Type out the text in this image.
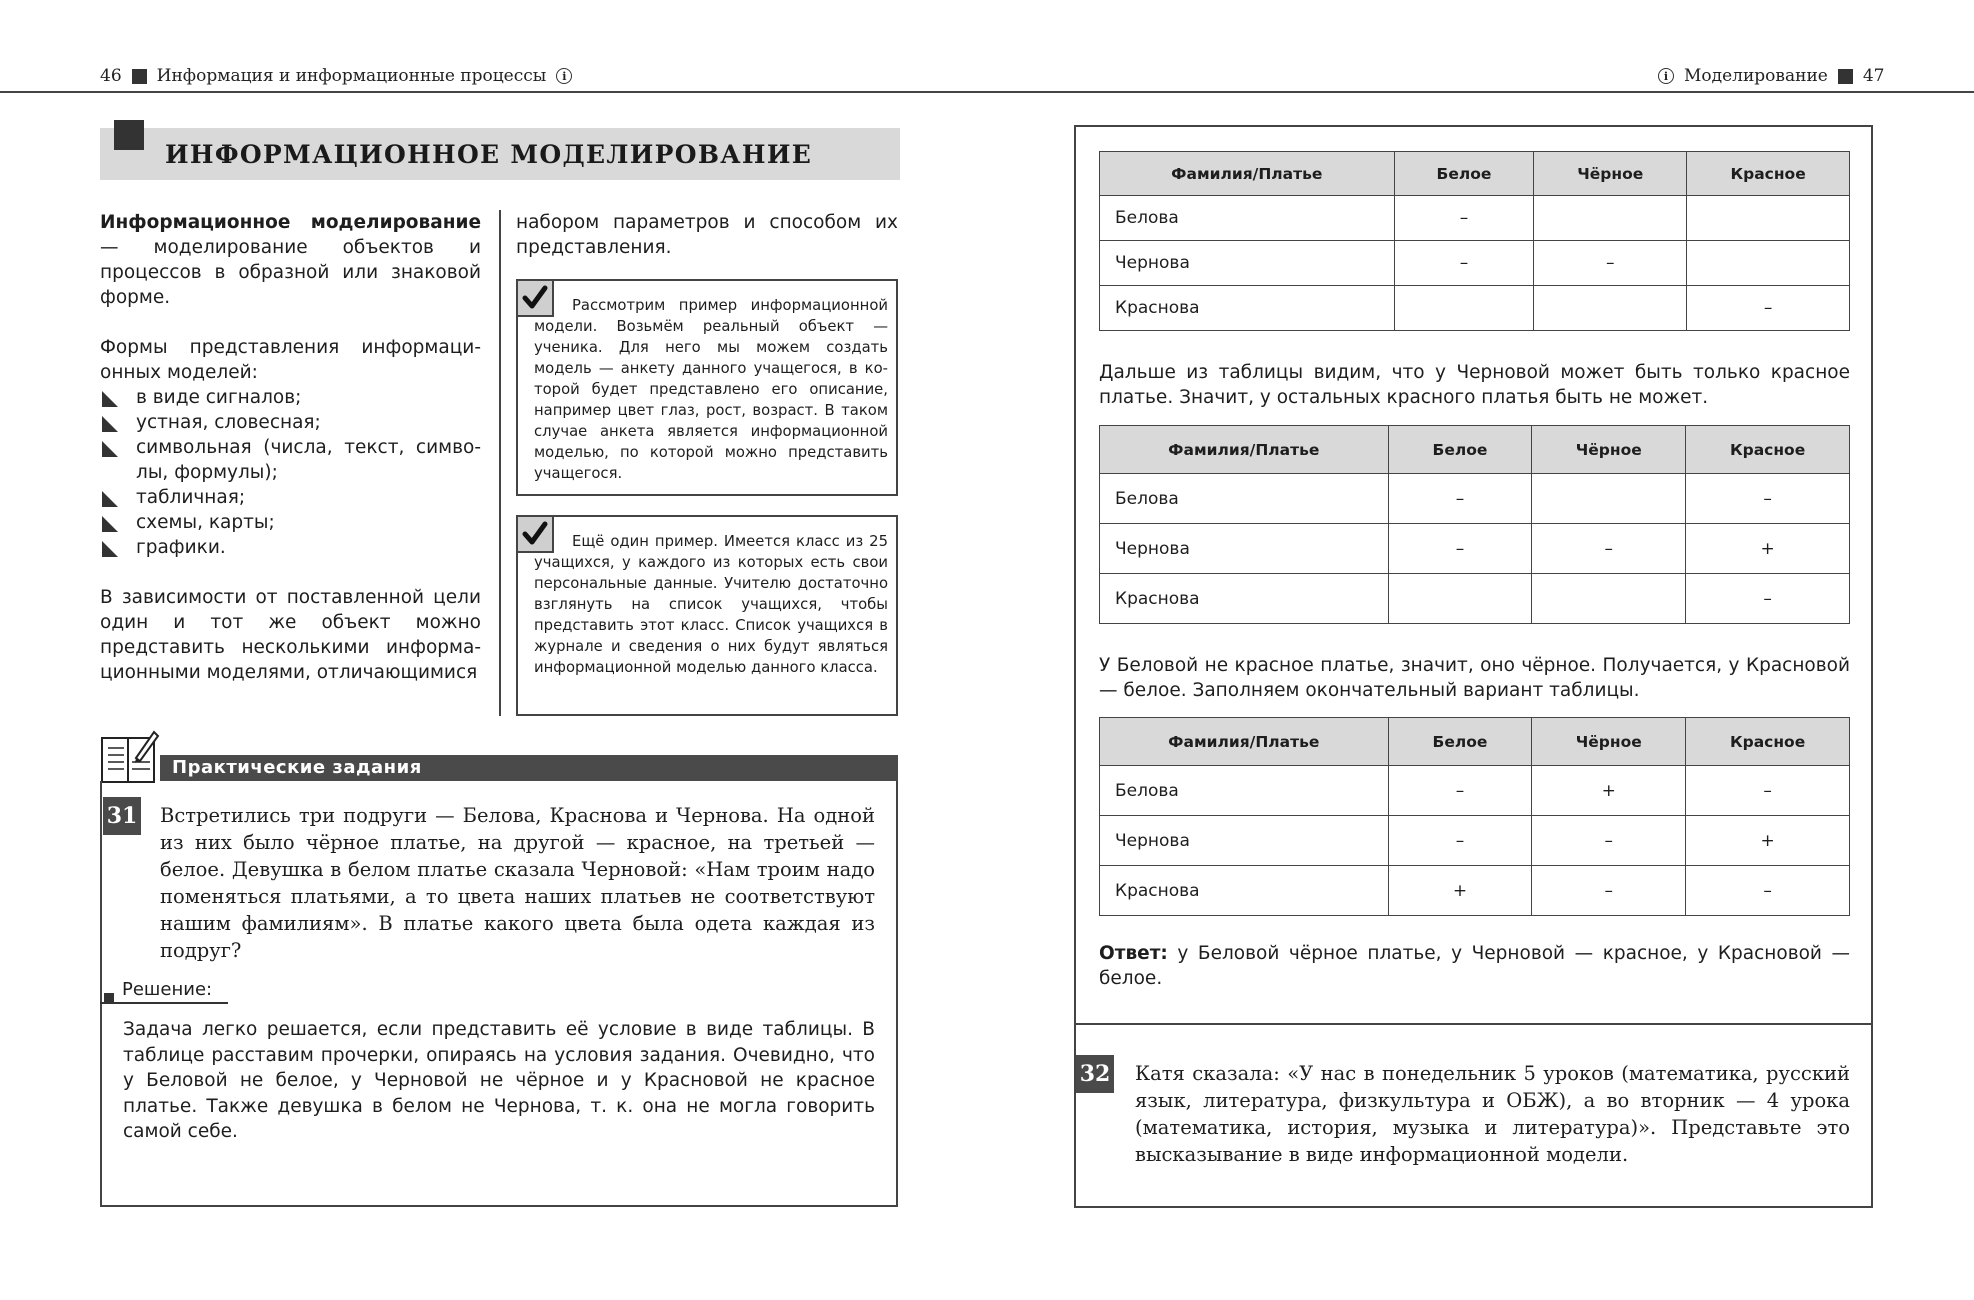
46 Информация и информационные процессы i	i Моделирование 47
ИНФОРМАЦИОННОЕ МОДЕЛИРОВАНИЕ

Информационное моделирование — моделирование объектов и процессов в образной или знаковой форме.

Формы представления информационных моделей:
в виде сигналов;
устная, словесная;
символьная (числа, текст, символы, формулы);
табличная;
схемы, карты;
графики.

В зависимости от поставленной цели один и тот же объект можно представить несколькими информационными моделями, отличающимися

набором параметров и способом их представления.
Рассмотрим пример информационной модели. Возьмём реальный объект — ученика. Для него мы можем создать модель — анкету данного учащегося, в которой будет представлено его описание, например цвет глаз, рост, возраст. В таком случае анкета является информационной моделью, по которой можно представить учащегося.
Ещё один пример. Имеется класс из 25 учащихся, у каждого из которых есть свои персональные данные. Учителю достаточно взглянуть на список учащихся, чтобы представить этот класс. Список учащихся в журнале и сведения о них будут являться информационной моделью данного класса.
Практические задания
31 Встретились три подруги — Белова, Краснова и Чернова. На одной из них было чёрное платье, на другой — красное, на третьей — белое. Девушка в белом платье сказала Черновой: «Нам троим надо поменяться платьями, а то цвета наших платьев не соответствуют нашим фамилиям». В платье какого цвета была одета каждая из подруг?
Решение:
Задача легко решается, если представить её условие в виде таблицы. В таблице расставим прочерки, опираясь на условия задания. Очевидно, что у Беловой не белое, у Черновой не чёрное и у Красновой не красное платье. Также девушка в белом не Чернова, т. к. она не могла говорить самой себе.
Фамилия/Платье	Белое	Чёрное	Красное
Белова	–		
Чернова	–	–	
Краснова			–
Дальше из таблицы видим, что у Черновой может быть только красное платье. Значит, у остальных красного платья быть не может.
Фамилия/Платье	Белое	Чёрное	Красное
Белова	–		–
Чернова	–	–	+
Краснова			–
У Беловой не красное платье, значит, оно чёрное. Получается, у Красновой — белое. Заполняем окончательный вариант таблицы.
Фамилия/Платье	Белое	Чёрное	Красное
Белова	–	+	–
Чернова	–	–	+
Краснова	+	–	–
Ответ: у Беловой чёрное платье, у Черновой — красное, у Красновой — белое.
32 Катя сказала: «У нас в понедельник 5 уроков (математика, русский язык, литература, физкультура и ОБЖ), а во вторник — 4 урока (математика, история, музыка и литература)». Представьте это высказывание в виде информационной модели.
